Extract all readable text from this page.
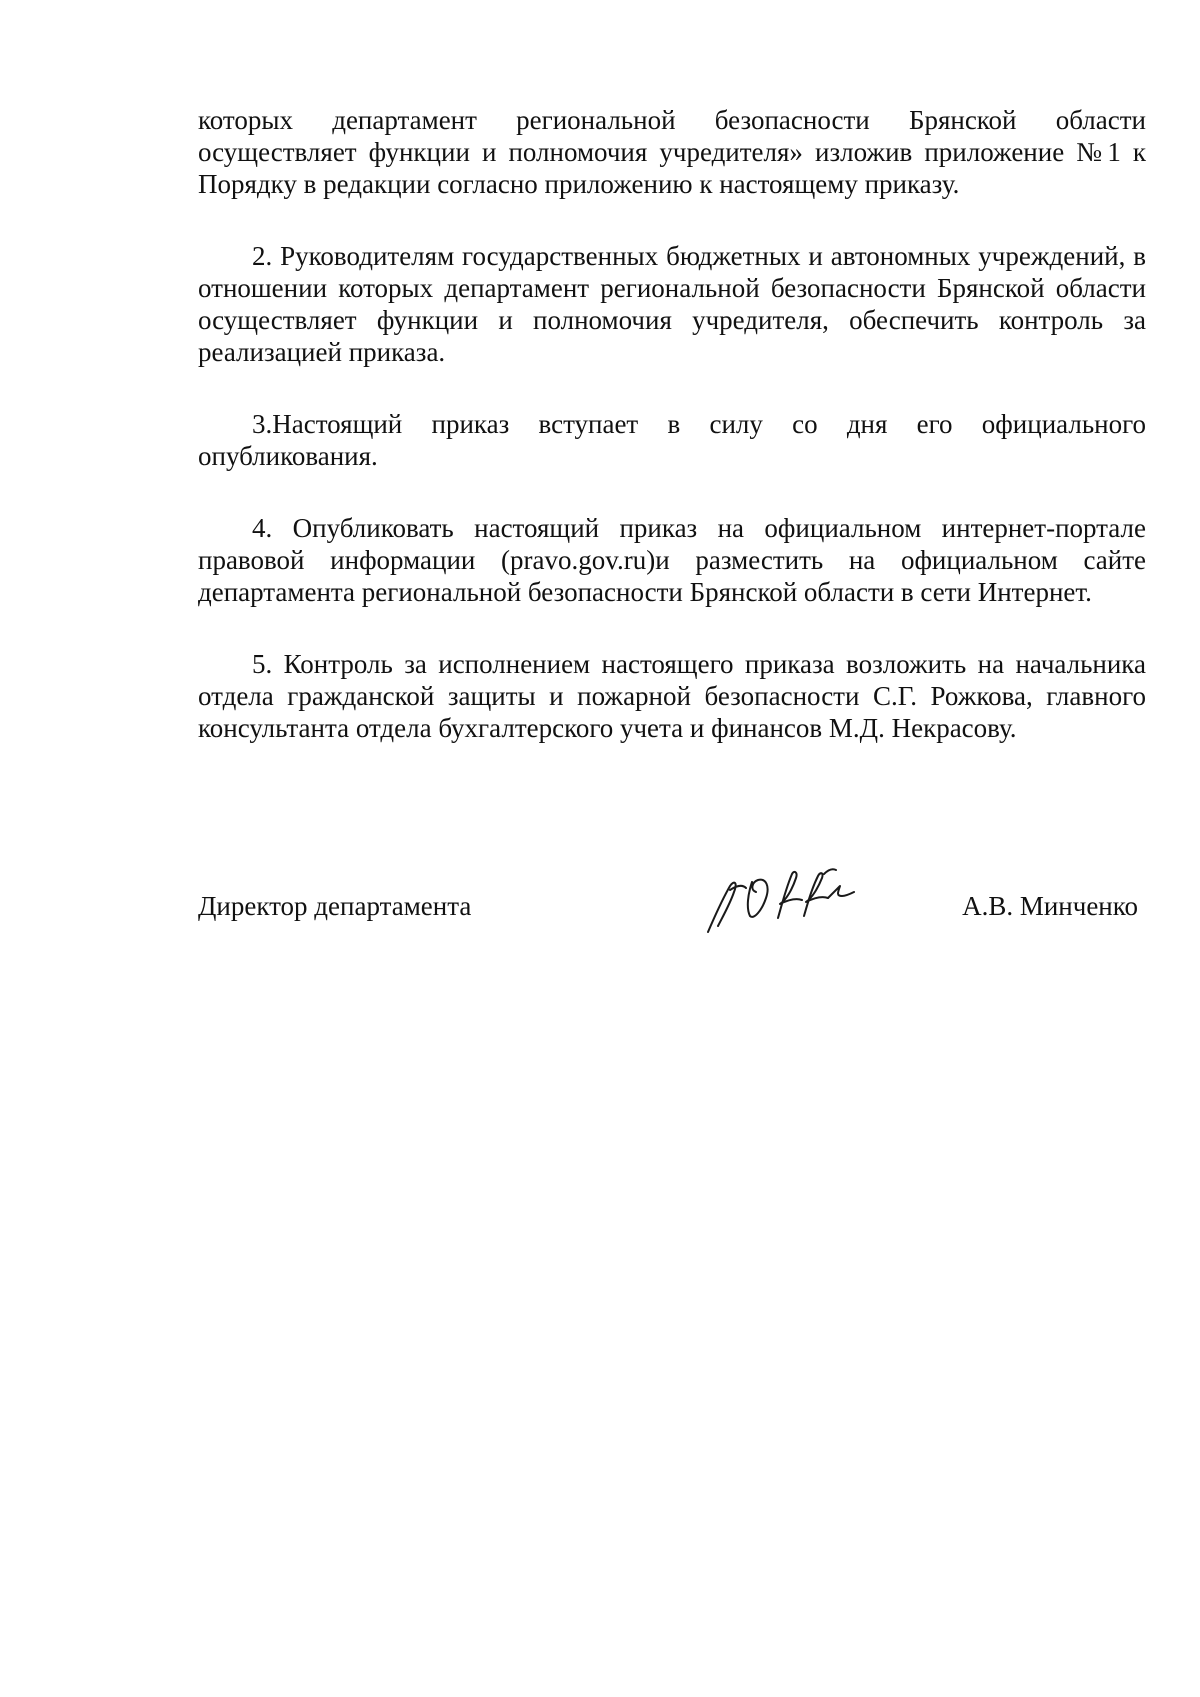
которых департамент региональной безопасности Брянской области осуществляет функции и полномочия учредителя» изложив приложение №1 к Порядку в редакции согласно приложению к настоящему приказу.

2. Руководителям государственных бюджетных и автономных учреждений, в отношении которых департамент региональной безопасности Брянской области осуществляет функции и полномочия учредителя, обеспечить контроль за реализацией приказа.

3.Настоящий приказ вступает в силу со дня его официального опубликования.

4. Опубликовать настоящий приказ на официальном интернет-портале правовой информации (pravo.gov.ru)и разместить на официальном сайте департамента региональной безопасности Брянской области в сети Интернет.

5. Контроль за исполнением настоящего приказа возложить на начальника отдела гражданской защиты и пожарной безопасности С.Г. Рожкова, главного консультанта отдела бухгалтерского учета и финансов М.Д. Некрасову.

Директор департамента	А.В. Минченко
